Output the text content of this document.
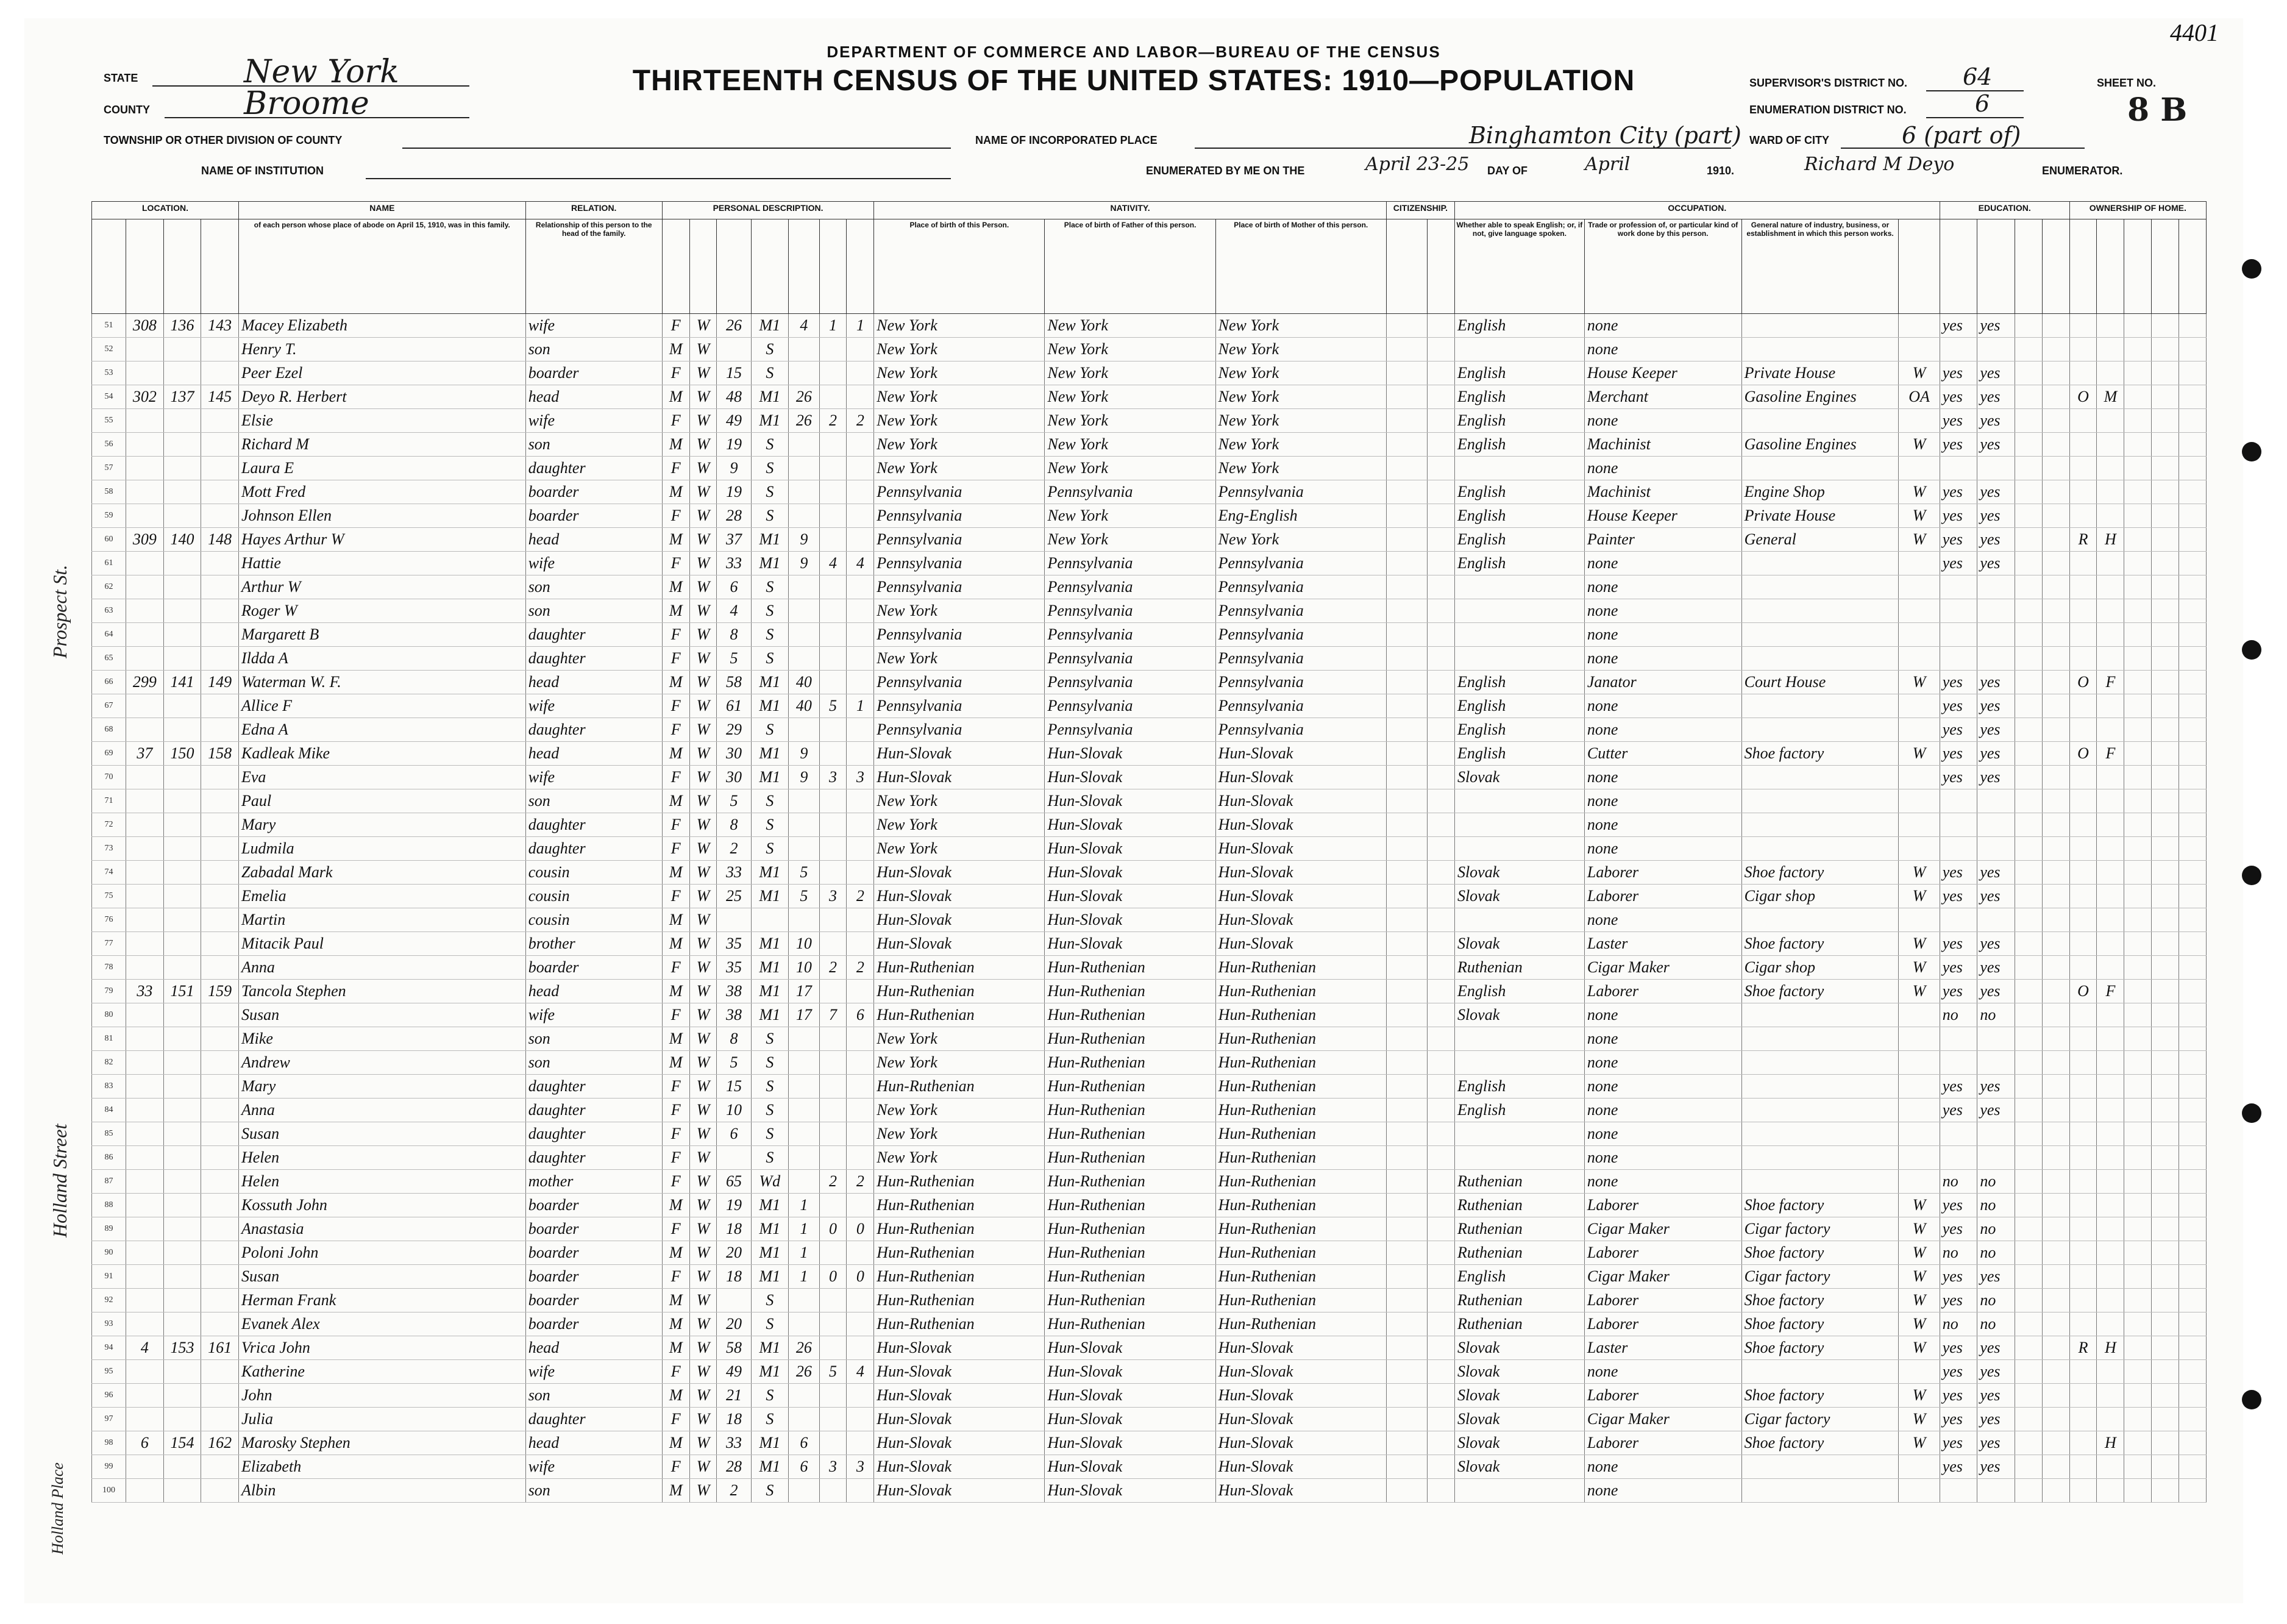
4401
STATE	New York
COUNTY	Broome
TOWNSHIP OR OTHER DIVISION OF COUNTY
NAME OF INSTITUTION
DEPARTMENT OF COMMERCE AND LABOR—BUREAU OF THE CENSUS
THIRTEENTH CENSUS OF THE UNITED STATES: 1910—POPULATION
NAME OF INCORPORATED PLACE	Binghamton City (part)
ENUMERATED BY ME ON THE	April 23-25 DAY OF	April	1910.	Richard M Deyo	ENUMERATOR.
SUPERVISOR'S DISTRICT NO. 64
ENUMERATION DISTRICT NO.	6
SHEET NO.
8 B
WARD OF CITY	6 (part of)
Prospect St.
Holland Street
Holland Place
LOCATION.				NAME	RELATION.	PERSONAL DESCRIPTION.							NATIVITY.			CITIZENSHIP.		OCCUPATION.				EDUCATION.				OWNERSHIP OF HOME.				
				of each person whose place of abode on April 15, 1910, was in this family.	Relationship of this person to the head of the family.								Place of birth of this Person.	Place of birth of Father of this person.	Place of birth of Mother of this person.			Whether able to speak English; or, if not, give language spoken.	Trade or profession of, or particular kind of work done by this person.	General nature of industry, business, or establishment in which this person works.										
51	308	136	143	Macey Elizabeth	wife	F	W	26	M1	4	1	1	New York	New York	New York			English	none			yes	yes							
52				Henry T.	son	M	W		S				New York	New York	New York				none											
53				Peer Ezel	boarder	F	W	15	S				New York	New York	New York			English	House Keeper	Private House	W	yes	yes							
54	302	137	145	Deyo R. Herbert	head	M	W	48	M1	26			New York	New York	New York			English	Merchant	Gasoline Engines	OA	yes	yes			O	M			
55				Elsie	wife	F	W	49	M1	26	2	2	New York	New York	New York			English	none			yes	yes							
56				Richard M	son	M	W	19	S				New York	New York	New York			English	Machinist	Gasoline Engines	W	yes	yes							
57				Laura E	daughter	F	W	9	S				New York	New York	New York				none											
58				Mott Fred	boarder	M	W	19	S				Pennsylvania	Pennsylvania	Pennsylvania			English	Machinist	Engine Shop	W	yes	yes							
59				Johnson Ellen	boarder	F	W	28	S				Pennsylvania	New York	Eng-English			English	House Keeper	Private House	W	yes	yes							
60	309	140	148	Hayes Arthur W	head	M	W	37	M1	9			Pennsylvania	New York	New York			English	Painter	General	W	yes	yes			R	H			
61				Hattie	wife	F	W	33	M1	9	4	4	Pennsylvania	Pennsylvania	Pennsylvania			English	none			yes	yes							
62				Arthur W	son	M	W	6	S				Pennsylvania	Pennsylvania	Pennsylvania				none											
63				Roger W	son	M	W	4	S				New York	Pennsylvania	Pennsylvania				none											
64				Margarett B	daughter	F	W	8	S				Pennsylvania	Pennsylvania	Pennsylvania				none											
65				Ildda A	daughter	F	W	5	S				New York	Pennsylvania	Pennsylvania				none											
66	299	141	149	Waterman W. F.	head	M	W	58	M1	40			Pennsylvania	Pennsylvania	Pennsylvania			English	Janator	Court House	W	yes	yes			O	F			
67				Allice F	wife	F	W	61	M1	40	5	1	Pennsylvania	Pennsylvania	Pennsylvania			English	none			yes	yes							
68				Edna A	daughter	F	W	29	S				Pennsylvania	Pennsylvania	Pennsylvania			English	none			yes	yes							
69	37	150	158	Kadleak Mike	head	M	W	30	M1	9			Hun-Slovak	Hun-Slovak	Hun-Slovak			English	Cutter	Shoe factory	W	yes	yes			O	F			
70				Eva	wife	F	W	30	M1	9	3	3	Hun-Slovak	Hun-Slovak	Hun-Slovak			Slovak	none			yes	yes							
71				Paul	son	M	W	5	S				New York	Hun-Slovak	Hun-Slovak				none											
72				Mary	daughter	F	W	8	S				New York	Hun-Slovak	Hun-Slovak				none											
73				Ludmila	daughter	F	W	2	S				New York	Hun-Slovak	Hun-Slovak				none											
74				Zabadal Mark	cousin	M	W	33	M1	5			Hun-Slovak	Hun-Slovak	Hun-Slovak			Slovak	Laborer	Shoe factory	W	yes	yes							
75				Emelia	cousin	F	W	25	M1	5	3	2	Hun-Slovak	Hun-Slovak	Hun-Slovak			Slovak	Laborer	Cigar shop	W	yes	yes							
76				Martin	cousin	M	W						Hun-Slovak	Hun-Slovak	Hun-Slovak				none											
77				Mitacik Paul	brother	M	W	35	M1	10			Hun-Slovak	Hun-Slovak	Hun-Slovak			Slovak	Laster	Shoe factory	W	yes	yes							
78				Anna	boarder	F	W	35	M1	10	2	2	Hun-Ruthenian	Hun-Ruthenian	Hun-Ruthenian			Ruthenian	Cigar Maker	Cigar shop	W	yes	yes							
79	33	151	159	Tancola Stephen	head	M	W	38	M1	17			Hun-Ruthenian	Hun-Ruthenian	Hun-Ruthenian			English	Laborer	Shoe factory	W	yes	yes			O	F			
80				Susan	wife	F	W	38	M1	17	7	6	Hun-Ruthenian	Hun-Ruthenian	Hun-Ruthenian			Slovak	none			no	no							
81				Mike	son	M	W	8	S				New York	Hun-Ruthenian	Hun-Ruthenian				none											
82				Andrew	son	M	W	5	S				New York	Hun-Ruthenian	Hun-Ruthenian				none											
83				Mary	daughter	F	W	15	S				Hun-Ruthenian	Hun-Ruthenian	Hun-Ruthenian			English	none			yes	yes							
84				Anna	daughter	F	W	10	S				New York	Hun-Ruthenian	Hun-Ruthenian			English	none			yes	yes							
85				Susan	daughter	F	W	6	S				New York	Hun-Ruthenian	Hun-Ruthenian				none											
86				Helen	daughter	F	W		S				New York	Hun-Ruthenian	Hun-Ruthenian				none											
87				Helen	mother	F	W	65	Wd		2	2	Hun-Ruthenian	Hun-Ruthenian	Hun-Ruthenian			Ruthenian	none			no	no							
88				Kossuth John	boarder	M	W	19	M1	1			Hun-Ruthenian	Hun-Ruthenian	Hun-Ruthenian			Ruthenian	Laborer	Shoe factory	W	yes	no							
89				Anastasia	boarder	F	W	18	M1	1	0	0	Hun-Ruthenian	Hun-Ruthenian	Hun-Ruthenian			Ruthenian	Cigar Maker	Cigar factory	W	yes	no							
90				Poloni John	boarder	M	W	20	M1	1			Hun-Ruthenian	Hun-Ruthenian	Hun-Ruthenian			Ruthenian	Laborer	Shoe factory	W	no	no							
91				Susan	boarder	F	W	18	M1	1	0	0	Hun-Ruthenian	Hun-Ruthenian	Hun-Ruthenian			English	Cigar Maker	Cigar factory	W	yes	yes							
92				Herman Frank	boarder	M	W		S				Hun-Ruthenian	Hun-Ruthenian	Hun-Ruthenian			Ruthenian	Laborer	Shoe factory	W	yes	no							
93				Evanek Alex	boarder	M	W	20	S				Hun-Ruthenian	Hun-Ruthenian	Hun-Ruthenian			Ruthenian	Laborer	Shoe factory	W	no	no							
94	4	153	161	Vrica John	head	M	W	58	M1	26			Hun-Slovak	Hun-Slovak	Hun-Slovak			Slovak	Laster	Shoe factory	W	yes	yes			R	H			
95				Katherine	wife	F	W	49	M1	26	5	4	Hun-Slovak	Hun-Slovak	Hun-Slovak			Slovak	none			yes	yes							
96				John	son	M	W	21	S				Hun-Slovak	Hun-Slovak	Hun-Slovak			Slovak	Laborer	Shoe factory	W	yes	yes							
97				Julia	daughter	F	W	18	S				Hun-Slovak	Hun-Slovak	Hun-Slovak			Slovak	Cigar Maker	Cigar factory	W	yes	yes							
98	6	154	162	Marosky Stephen	head	M	W	33	M1	6			Hun-Slovak	Hun-Slovak	Hun-Slovak			Slovak	Laborer	Shoe factory	W	yes	yes				H			
99				Elizabeth	wife	F	W	28	M1	6	3	3	Hun-Slovak	Hun-Slovak	Hun-Slovak			Slovak	none			yes	yes							
100				Albin	son	M	W	2	S				Hun-Slovak	Hun-Slovak	Hun-Slovak				none											
